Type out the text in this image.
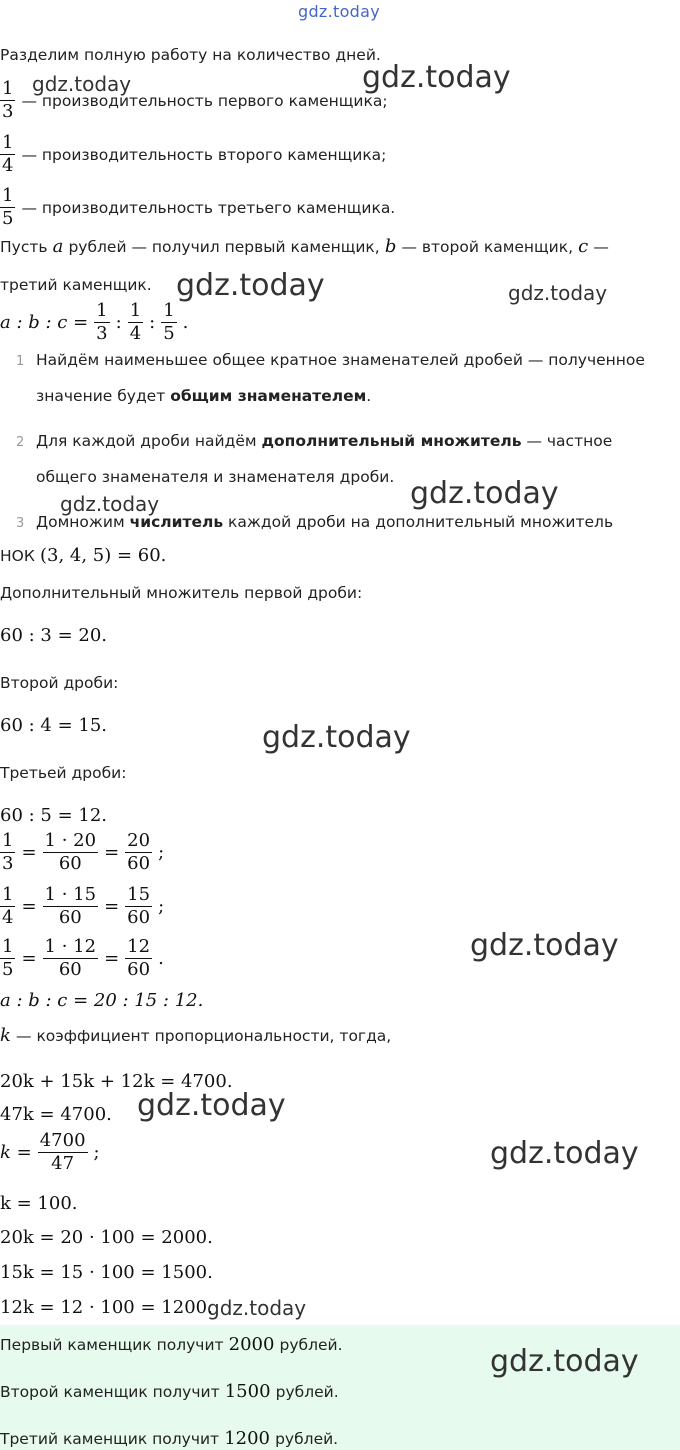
gdz.today
gdz.today	gdz.today
gdz.today	gdz.today
gdz.today	gdz.today
gdz.today
gdz.today
gdz.today
gdz.today
gdz.today
gdz.today
Разделим полную работу на количество дней.
$\frac{1}{3}$ — производительность первого каменщика;
$\frac{1}{4}$ — производительность второго каменщика;
$\frac{1}{5}$ — производительность третьего каменщика.
Пусть a рублей — получил первый каменщик, b — второй каменщик, c —
третий каменщик.
a : b : $c = \frac{1}{3}$ : $\frac{1}{4}$ : $\frac{1}{5}$ .
1 Найдём наименьшее общее кратное знаменателей дробей — полученное
значение будет общим знаменателем.
2 Для каждой дроби найдём дополнительный множитель — частное
общего знаменателя и знаменателя дроби.
3 Домножим числитель каждой дроби на дополнительный множитель
НОК (3, 4, 5) = 60.
Дополнительный множитель первой дроби:
60 : 3 = 20.
Второй дроби:
60 : 4 = 15.
Третьей дроби:
60 : 5 = 12.
$\frac{1}{3} = \frac{1 \cdot 20}{60} = \frac{20}{60}$ ;
$\frac{1}{4} = \frac{1 \cdot 15}{60} = \frac{15}{60}$ ;
$\frac{1}{5} = \frac{1 \cdot 12}{60} = \frac{12}{60}$ .
a : b : c = 20 : 15 : 12.
k — коэффициент пропорциональности, тогда,
20k + 15k + 12k = 4700.
47k = 4700.
$k = \frac{4700}{47}$ ;
k = 100.
20k = 20 · 100 = 2000.
15k = 15 · 100 = 1500.
12k = 12 · 100 = 1200.
Первый каменщик получит 2000 рублей.
Второй каменщик получит 1500 рублей.
Третий каменщик получит 1200 рублей.
